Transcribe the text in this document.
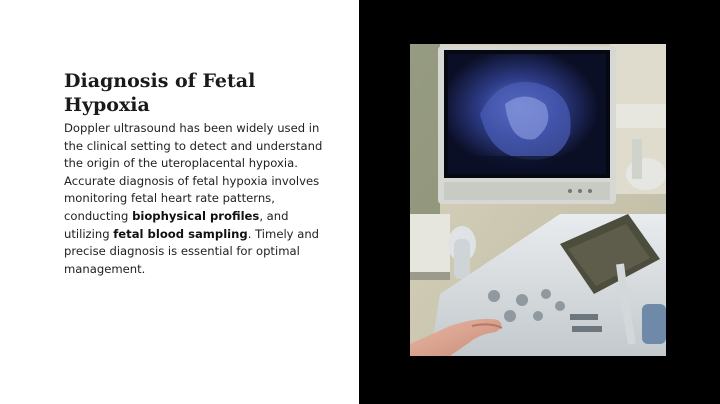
Diagnosis of Fetal Hypoxia

Doppler ultrasound has been widely used in the clinical setting to detect and understand the origin of the uteroplacental hypoxia. Accurate diagnosis of fetal hypoxia involves monitoring fetal heart rate patterns, conducting biophysical profiles, and utilizing fetal blood sampling. Timely and precise diagnosis is essential for optimal management.
